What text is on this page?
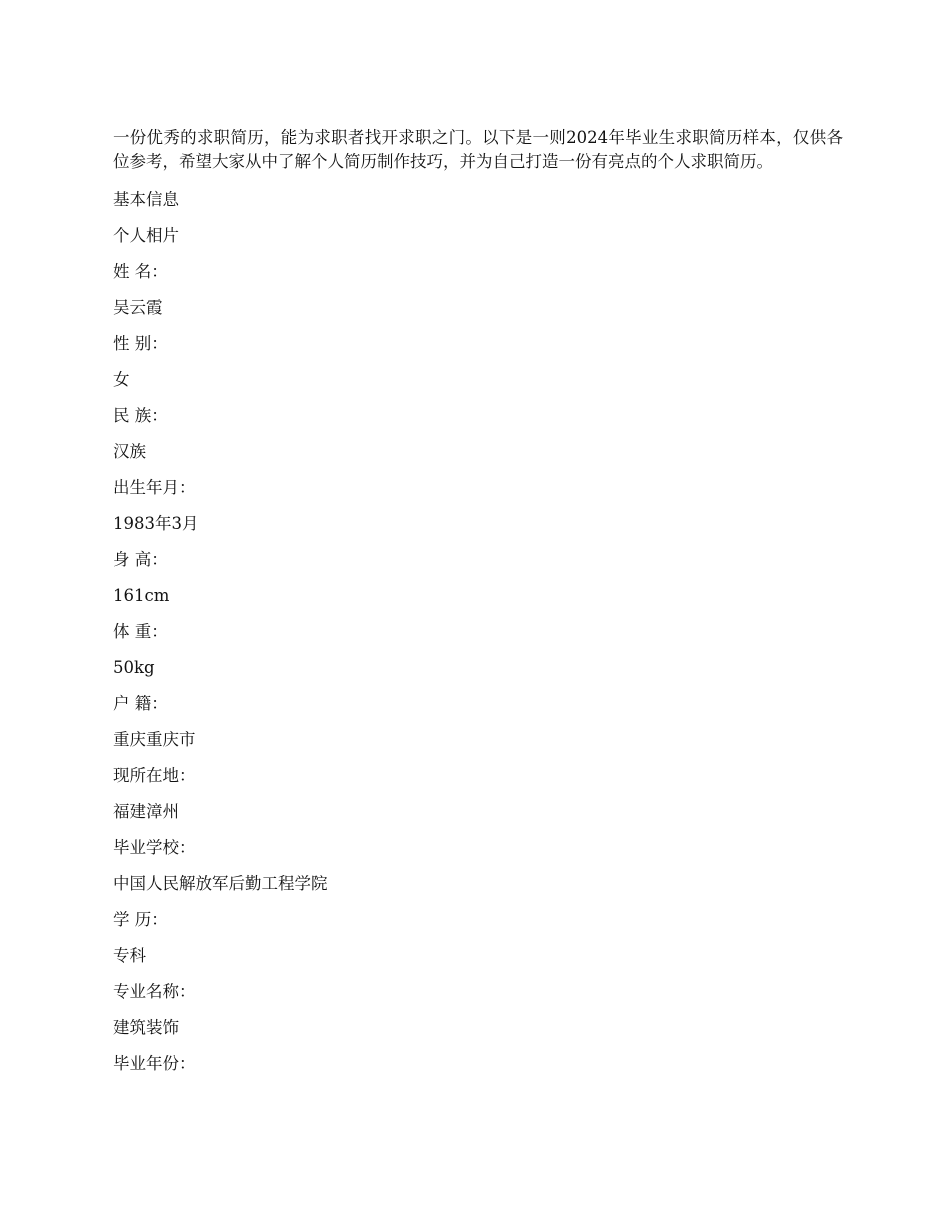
一份优秀的求职简历，能为求职者找开求职之门。以下是一则2024年毕业生求职简历样本，仅供各位参考，希望大家从中了解个人简历制作技巧，并为自己打造一份有亮点的个人求职简历。

基本信息
个人相片
姓 名：
吴云霞
性 别：
女
民 族：
汉族
出生年月：
1983年3月
身 高：
161cm
体 重：
50kg
户 籍：
重庆重庆市
现所在地：
福建漳州
毕业学校：
中国人民解放军后勤工程学院
学 历：
专科
专业名称：
建筑装饰
毕业年份：
